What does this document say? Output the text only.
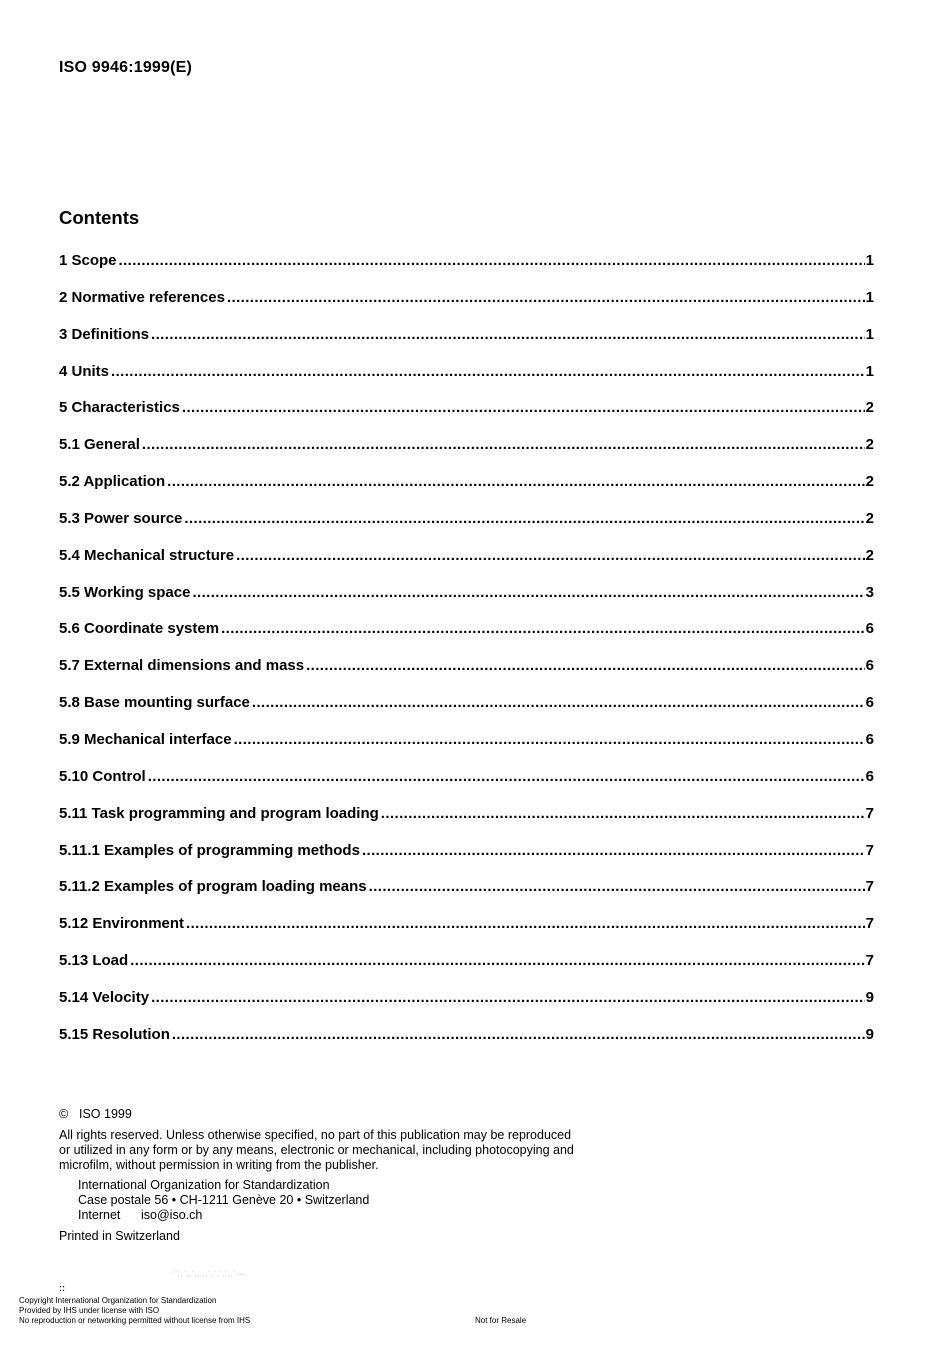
ISO 9946:1999(E)
Contents
1 Scope .....	1
2 Normative references .....	1
3 Definitions .....	1
4 Units .....	1
5 Characteristics .....	2
5.1 General .....	2
5.2 Application .....	2
5.3 Power source .....	2
5.4 Mechanical structure .....	2
5.5 Working space .....	3
5.6 Coordinate system .....	6
5.7 External dimensions and mass .....	6
5.8 Base mounting surface .....	6
5.9 Mechanical interface .....	6
5.10 Control .....	6
5.11 Task programming and program loading .....	7
5.11.1 Examples of programming methods .....	7
5.11.2 Examples of program loading means .....	7
5.12 Environment .....	7
5.13 Load .....	7
5.14 Velocity .....	9
5.15 Resolution .....	9
© ISO 1999
All rights reserved. Unless otherwise specified, no part of this publication may be reproduced
or utilized in any form or by any means, electronic or mechanical, including photocopying and
microfilm, without permission in writing from the publisher.
International Organization for Standardization
Case postale 56 • CH-1211 Genève 20 • Switzerland
Internet iso@iso.ch
Printed in Switzerland
'`,,`,,`,,,,,`,`,`,`,,`---
::
Copyright International Organization for Standardization
Provided by IHS under license with ISO
No reproduction or networking permitted without license from IHS	Not for Resale
